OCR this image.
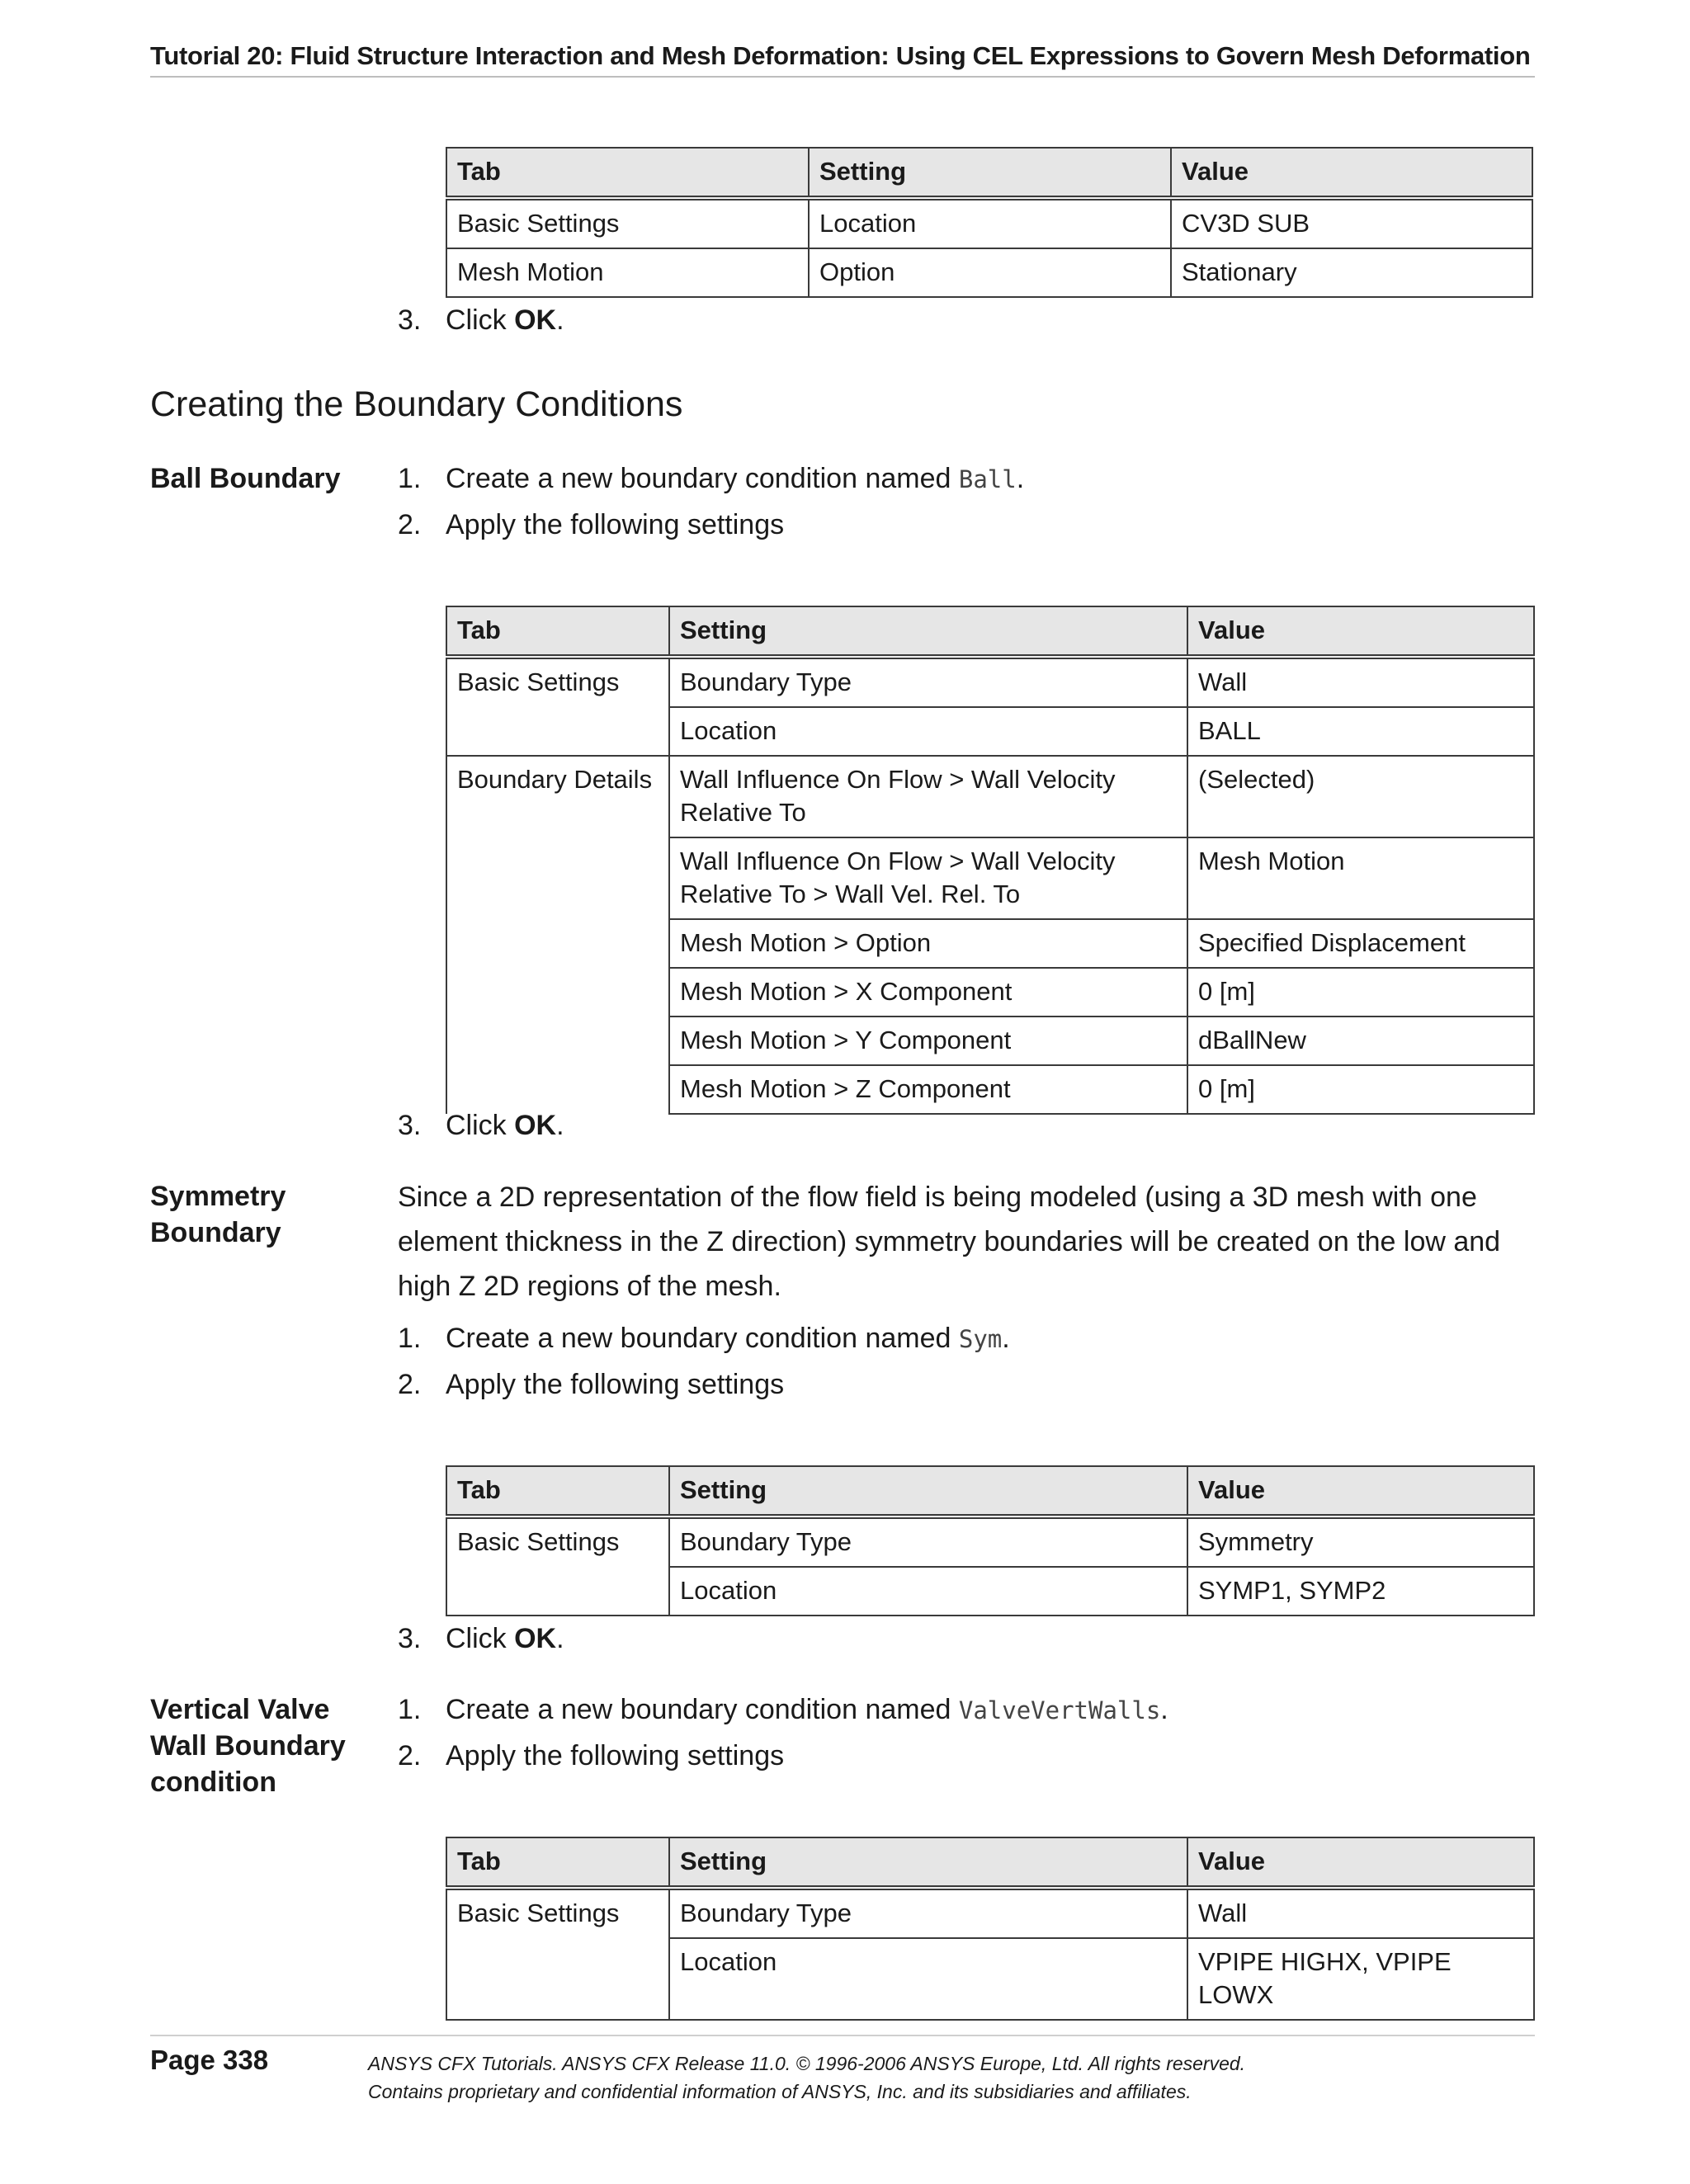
Tutorial 20: Fluid Structure Interaction and Mesh Deformation: Using CEL Expressions to Govern Mesh Deformation
Tab	Setting	Value
Basic Settings	Location	CV3D SUB
Mesh Motion	Option	Stationary
3. Click OK.
Creating the Boundary Conditions
Ball Boundary 1. Create a new boundary condition named Ball.
2. Apply the following settings
Tab	Setting	Value
Basic Settings	Boundary Type	Wall
	Location	BALL
Boundary Details	Wall Influence On Flow > Wall Velocity Relative To	(Selected)
	Wall Influence On Flow > Wall Velocity Relative To > Wall Vel. Rel. To	Mesh Motion
	Mesh Motion > Option	Specified Displacement
	Mesh Motion > X Component	0 [m]
	Mesh Motion > Y Component	dBallNew
	Mesh Motion > Z Component	0 [m]
3. Click OK.
Symmetry
Boundary
Since a 2D representation of the flow field is being modeled (using a 3D mesh with one element thickness in the Z direction) symmetry boundaries will be created on the low and high Z 2D regions of the mesh.
1. Create a new boundary condition named Sym.
2. Apply the following settings
Tab	Setting	Value
Basic Settings	Boundary Type	Symmetry
	Location	SYMP1, SYMP2
3. Click OK.
Vertical Valve
Wall Boundary
condition
1. Create a new boundary condition named ValveVertWalls.
2. Apply the following settings
Tab	Setting	Value
Basic Settings	Boundary Type	Wall
	Location	VPIPE HIGHX, VPIPE LOWX
Page 338	ANSYS CFX Tutorials. ANSYS CFX Release 11.0. © 1996-2006 ANSYS Europe, Ltd. All rights reserved.
Contains proprietary and confidential information of ANSYS, Inc. and its subsidiaries and affiliates.
